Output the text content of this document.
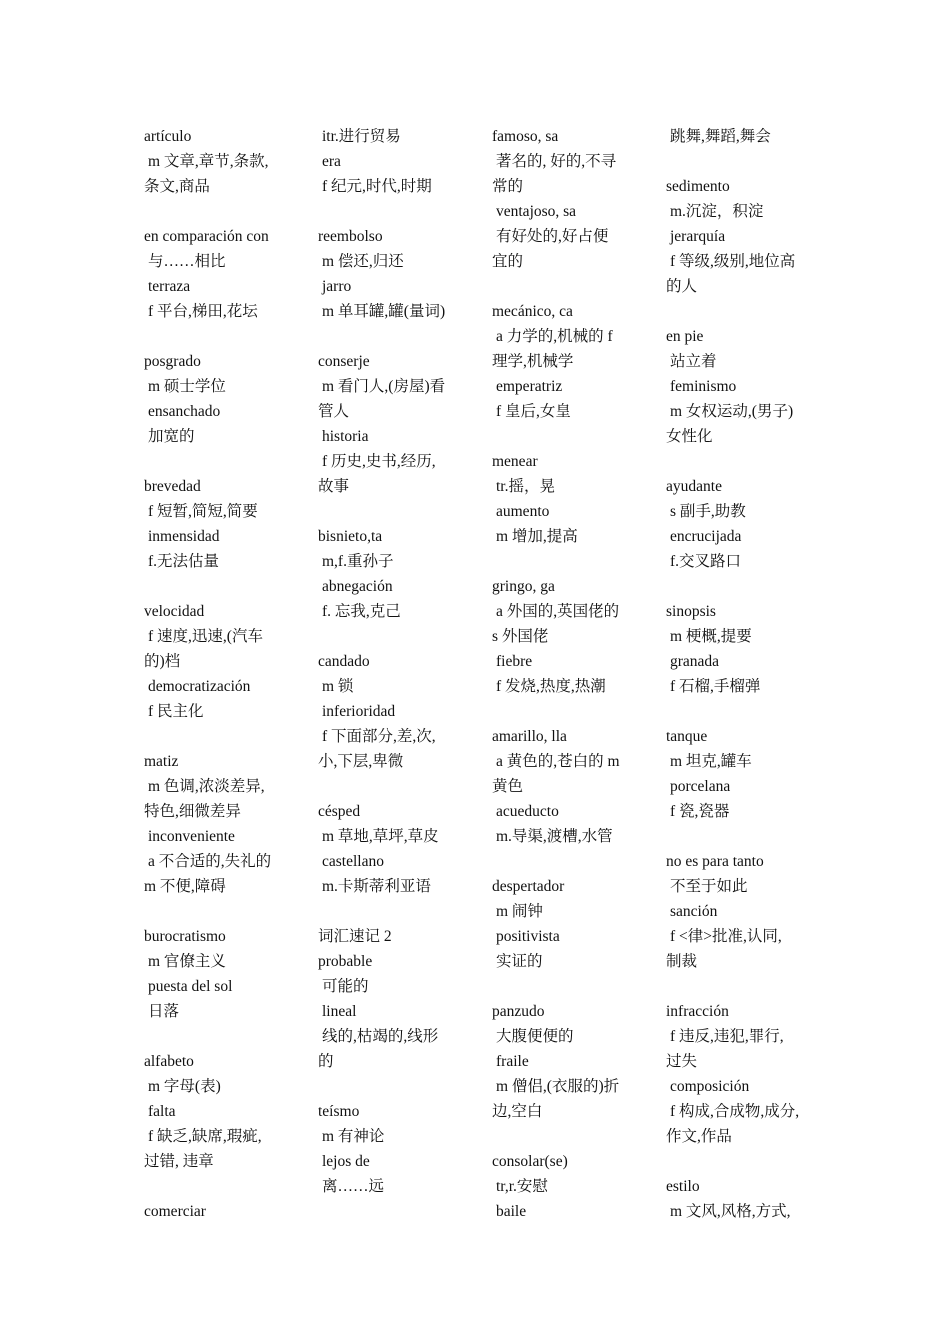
artículo
m 文章,章节,条款,
条文,商品
en comparación con
与……相比
terraza
f 平台,梯田,花坛
posgrado
m 硕士学位
ensanchado
加宽的
brevedad
f 短暂,简短,简要
inmensidad
f.无法估量
velocidad
f 速度,迅速,(汽车
的)档
democratización
f 民主化
matiz
m 色调,浓淡差异,
特色,细微差异
inconveniente
a 不合适的,失礼的
m 不便,障碍
burocratismo
m 官僚主义
puesta del sol
日落
alfabeto
m 字母(表)
falta
f 缺乏,缺席,瑕疵,
过错, 违章
comerciar
itr.进行贸易
era
f 纪元,时代,时期
reembolso
m 偿还,归还
jarro
m 单耳罐,罐(量词)
conserje
m 看门人,(房屋)看
管人
historia
f 历史,史书,经历,
故事
bisnieto,ta
m,f.重孙子
abnegación
f. 忘我,克己
candado
m 锁
inferioridad
f 下面部分,差,次,
小,下层,卑微
césped
m 草地,草坪,草皮
castellano
m.卡斯蒂利亚语
词汇速记 2
probable
可能的
lineal
线的,枯竭的,线形
的
teísmo
m 有神论
lejos de
离……远
famoso, sa
著名的, 好的,不寻
常的
ventajoso, sa
有好处的,好占便
宜的
mecánico, ca
a 力学的,机械的 f
理学,机械学
emperatriz
f 皇后,女皇
menear
tr.摇，晃
aumento
m 增加,提高
gringo, ga
a 外国的,英国佬的
s 外国佬
fiebre
f 发烧,热度,热潮
amarillo, lla
a 黄色的,苍白的 m
黄色
acueducto
m.导渠,渡槽,水管
despertador
m 闹钟
positivista
实证的
panzudo
大腹便便的
fraile
m 僧侣,(衣服的)折
边,空白
consolar(se)
tr,r.安慰
baile
跳舞,舞蹈,舞会
sedimento
m.沉淀，积淀
jerarquía
f 等级,级别,地位高
的人
en pie
站立着
feminismo
m 女权运动,(男子)
女性化
ayudante
s 副手,助教
encrucijada
f.交叉路口
sinopsis
m 梗概,提要
granada
f 石榴,手榴弹
tanque
m 坦克,罐车
porcelana
f 瓷,瓷器
no es para tanto
不至于如此
sanción
f <律>批准,认同,
制裁
infracción
f 违反,违犯,罪行,
过失
composición
f 构成,合成物,成分,
作文,作品
estilo
m 文风,风格,方式,
